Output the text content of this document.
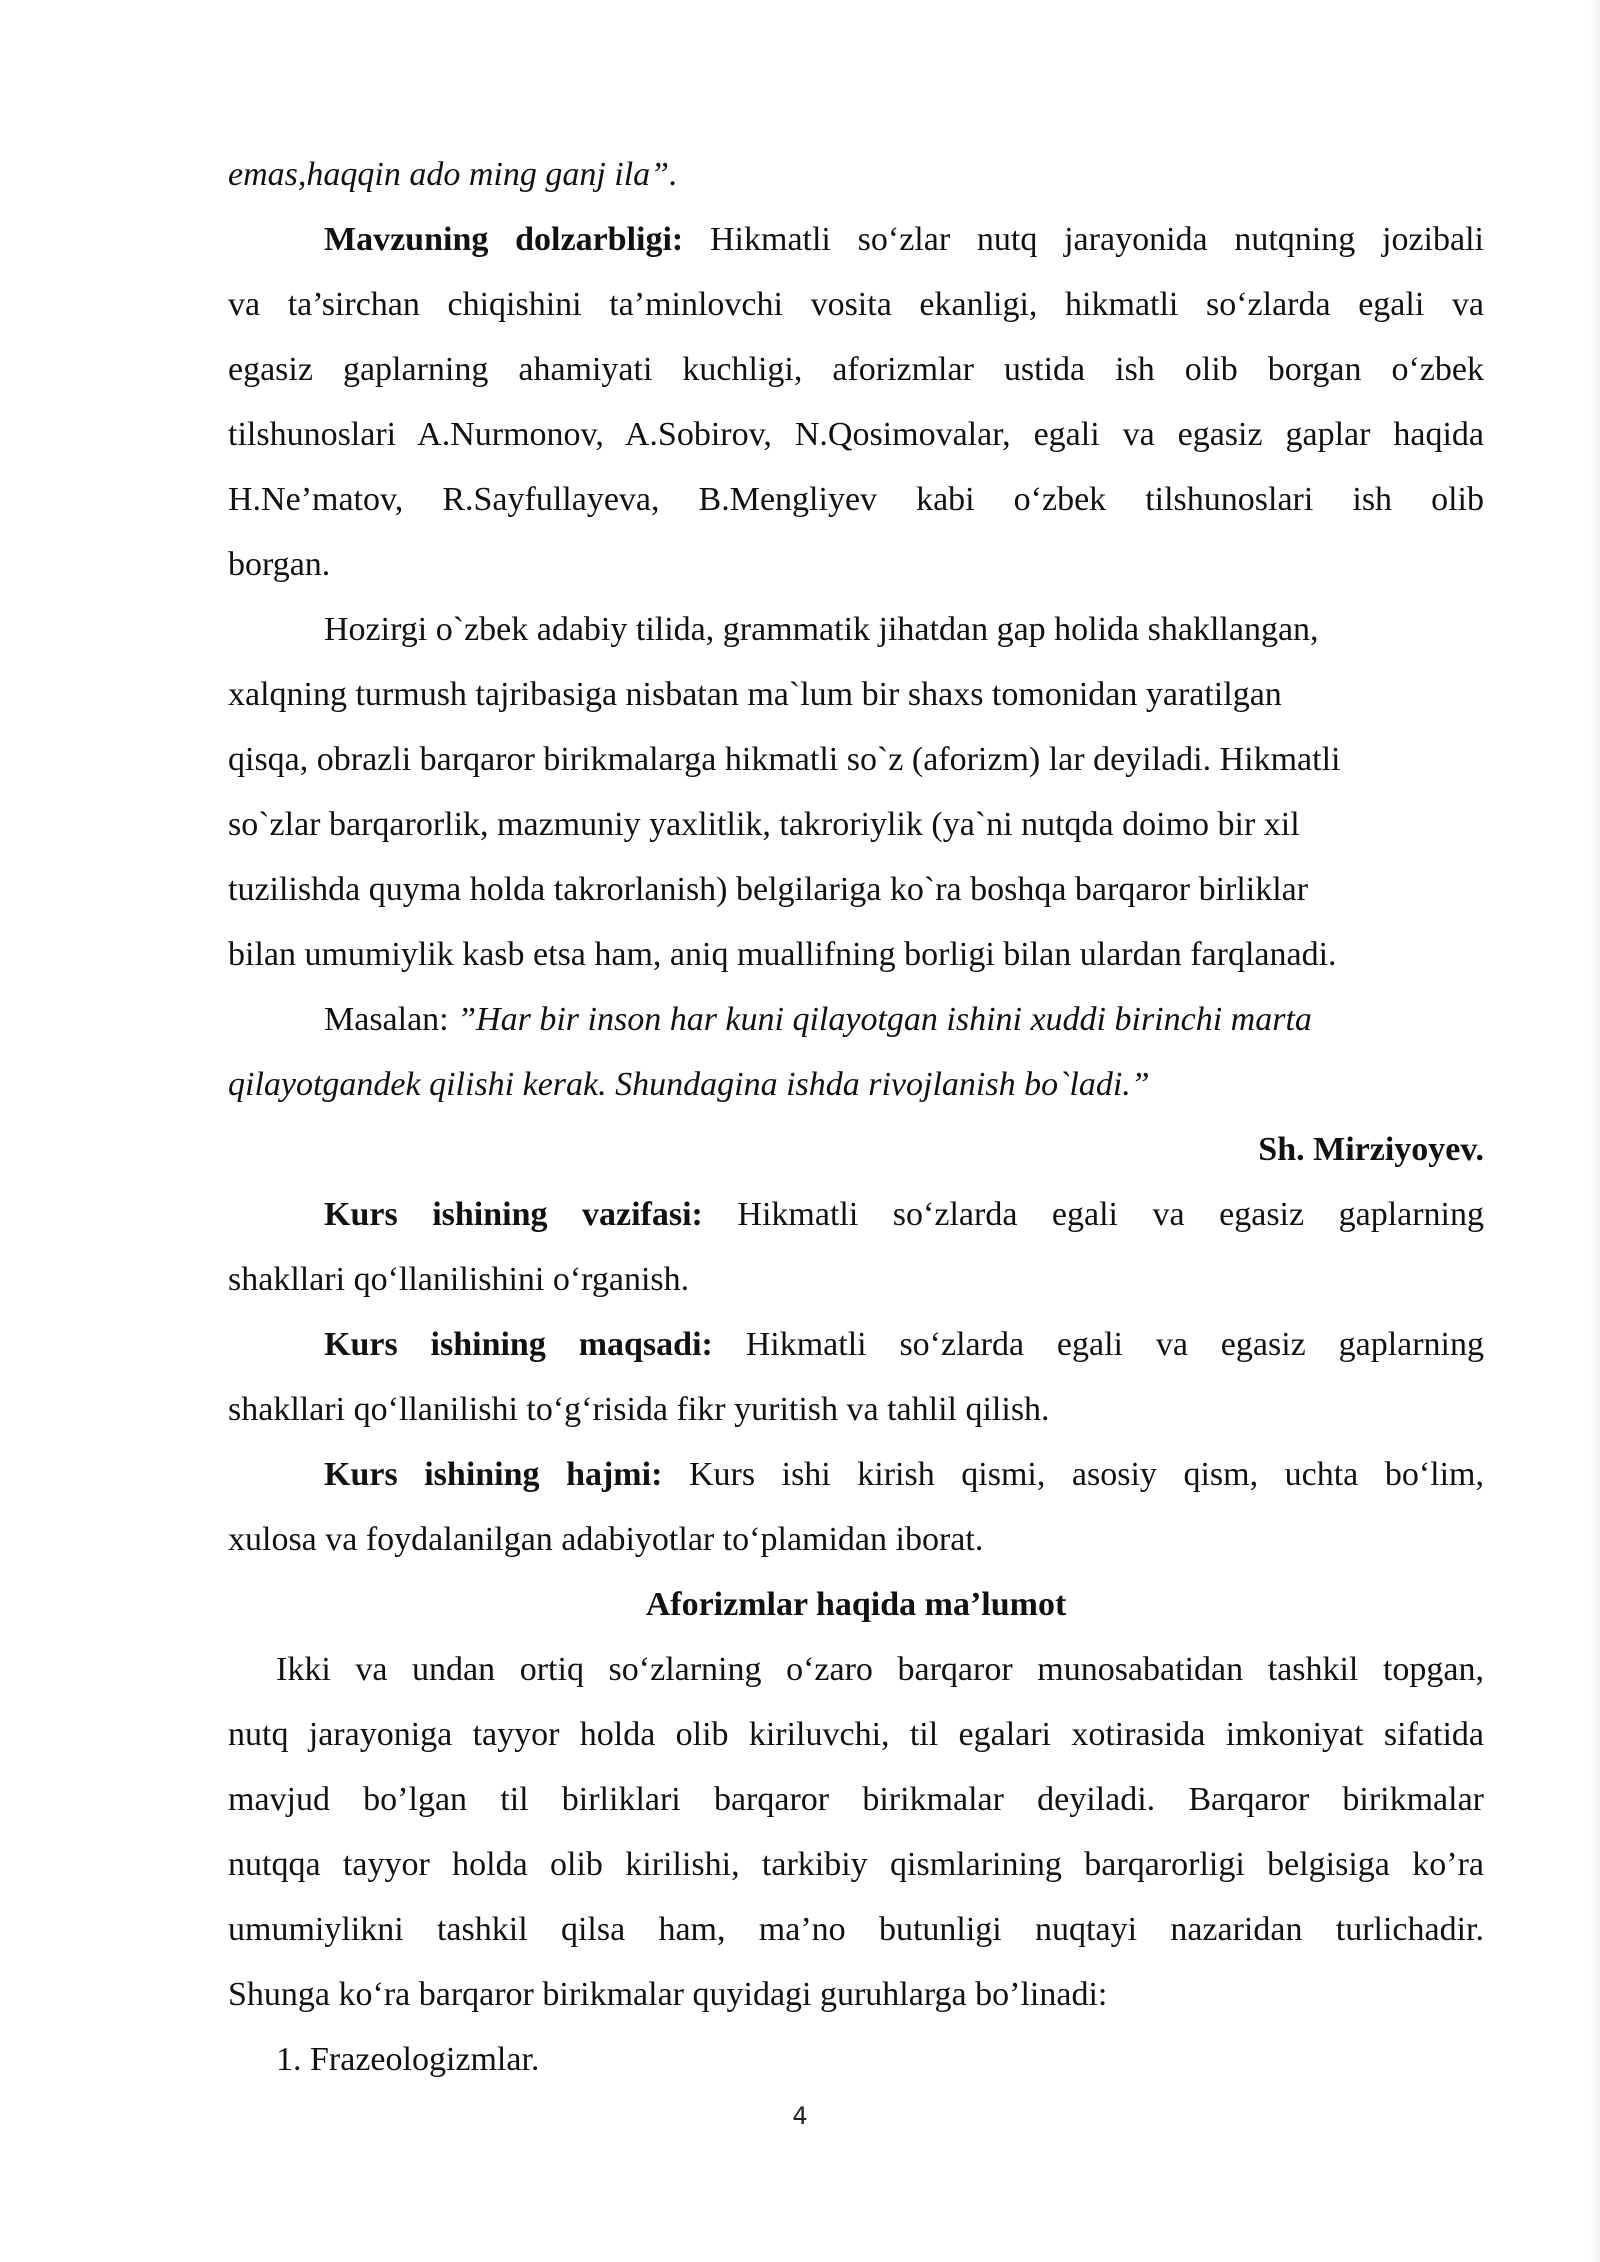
emas,haqqin ado ming ganj ila”.
Mavzuning dolzarbligi: Hikmatli so‘zlar nutq jarayonida nutqning jozibali
va ta’sirchan chiqishini ta’minlovchi vosita ekanligi, hikmatli so‘zlarda egali va
egasiz gaplarning ahamiyati kuchligi, aforizmlar ustida ish olib borgan o‘zbek
tilshunoslari A.Nurmonov, A.Sobirov, N.Qosimovalar, egali va egasiz gaplar haqida
H.Ne’matov, R.Sayfullayeva, B.Mengliyev kabi o‘zbek tilshunoslari ish olib
borgan.
Hozirgi o`zbek adabiy tilida, grammatik jihatdan gap holida shakllangan,
xalqning turmush tajribasiga nisbatan ma`lum bir shaxs tomonidan yaratilgan
qisqa, obrazli barqaror birikmalarga hikmatli so`z (aforizm) lar deyiladi. Hikmatli
so`zlar barqarorlik, mazmuniy yaxlitlik, takroriylik (ya`ni nutqda doimo bir xil
tuzilishda quyma holda takrorlanish) belgilariga ko`ra boshqa barqaror birliklar
bilan umumiylik kasb etsa ham, aniq muallifning borligi bilan ulardan farqlanadi.
Masalan: ”Har bir inson har kuni qilayotgan ishini xuddi birinchi marta
qilayotgandek qilishi kerak. Shundagina ishda rivojlanish bo`ladi.”
Sh. Mirziyoyev.
Kurs ishining vazifasi: Hikmatli so‘zlarda egali va egasiz gaplarning
shakllari qo‘llanilishini o‘rganish.
Kurs ishining maqsadi: Hikmatli so‘zlarda egali va egasiz gaplarning
shakllari qo‘llanilishi to‘g‘risida fikr yuritish va tahlil qilish.
Kurs ishining hajmi: Kurs ishi kirish qismi, asosiy qism, uchta bo‘lim,
xulosa va foydalanilgan adabiyotlar to‘plamidan iborat.
Aforizmlar haqida ma’lumot
Ikki va undan ortiq so‘zlarning o‘zaro barqaror munosabatidan tashkil topgan,
nutq jarayoniga tayyor holda olib kiriluvchi, til egalari xotirasida imkoniyat sifatida
mavjud bo’lgan til birliklari barqaror birikmalar deyiladi. Barqaror birikmalar
nutqqa tayyor holda olib kirilishi, tarkibiy qismlarining barqarorligi belgisiga ko’ra
umumiylikni tashkil qilsa ham, ma’no butunligi nuqtayi nazaridan turlichadir.
Shunga ko‘ra barqaror birikmalar quyidagi guruhlarga bo’linadi:
1. Frazeologizmlar.
4
